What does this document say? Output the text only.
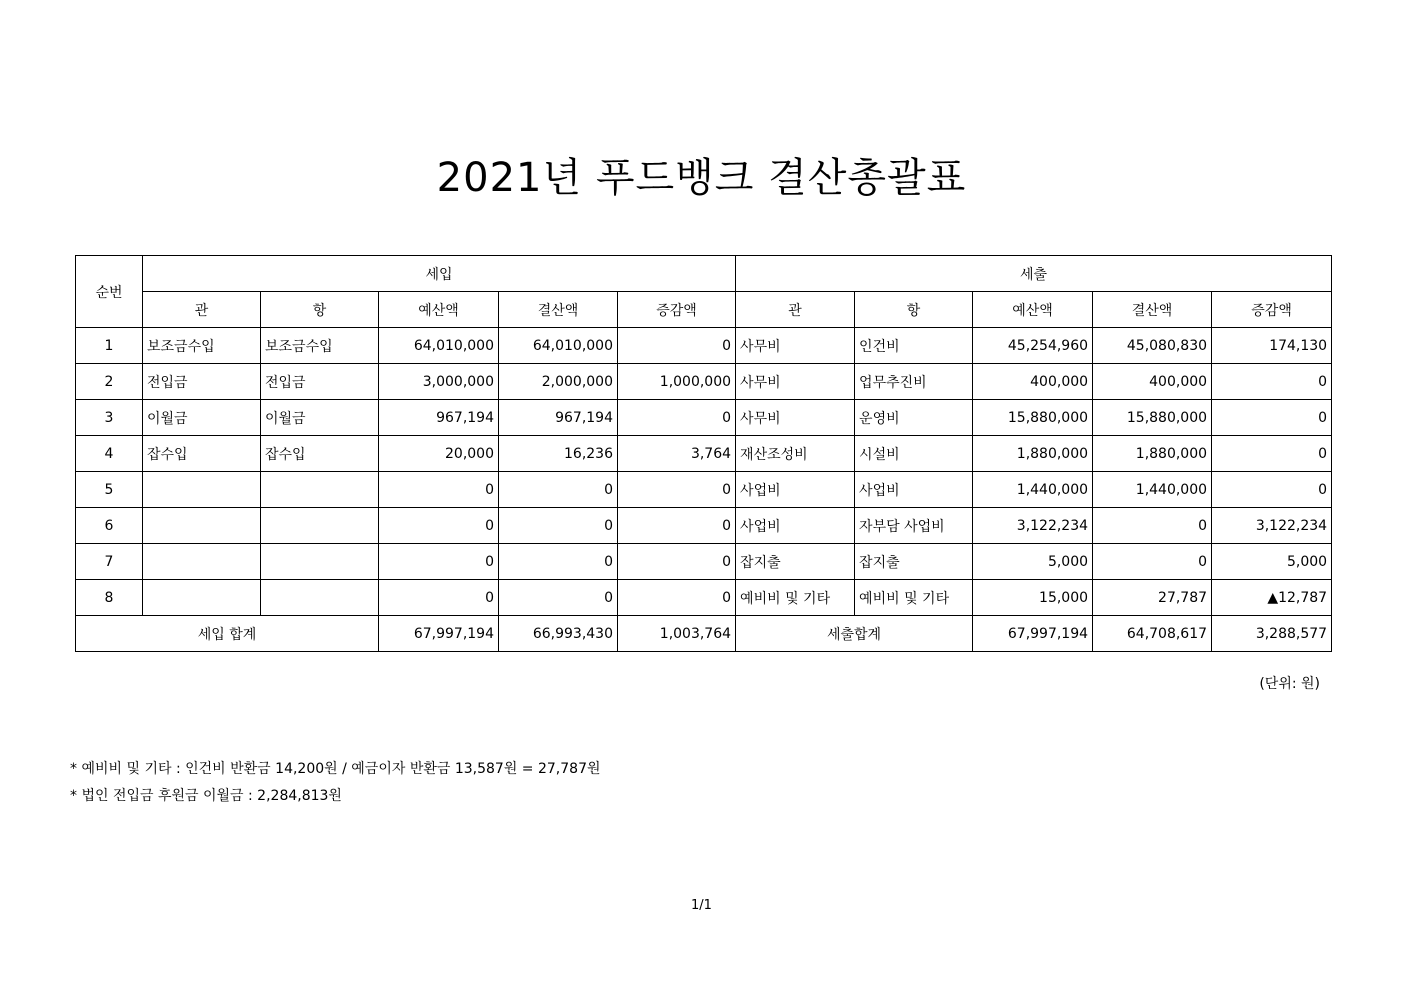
2021년 푸드뱅크 결산총괄표
순번	세입					세출				
	관	항	예산액	결산액	증감액	관	항	예산액	결산액	증감액
1	보조금수입	보조금수입	64,010,000	64,010,000	0	사무비	인건비	45,254,960	45,080,830	174,130
2	전입금	전입금	3,000,000	2,000,000	1,000,000	사무비	업무추진비	400,000	400,000	0
3	이월금	이월금	967,194	967,194	0	사무비	운영비	15,880,000	15,880,000	0
4	잡수입	잡수입	20,000	16,236	3,764	재산조성비	시설비	1,880,000	1,880,000	0
5			0	0	0	사업비	사업비	1,440,000	1,440,000	0
6			0	0	0	사업비	자부담 사업비	3,122,234	0	3,122,234
7			0	0	0	잡지출	잡지출	5,000	0	5,000
8			0	0	0	예비비 및 기타	예비비 및 기타	15,000	27,787	▲12,787
세입 합계			67,997,194	66,993,430	1,003,764	세출합계		67,997,194	64,708,617	3,288,577
(단위: 원)
* 예비비 및 기타 : 인건비 반환금 14,200원 / 예금이자 반환금 13,587원 = 27,787원
* 법인 전입금 후원금 이월금 : 2,284,813원
1/1
